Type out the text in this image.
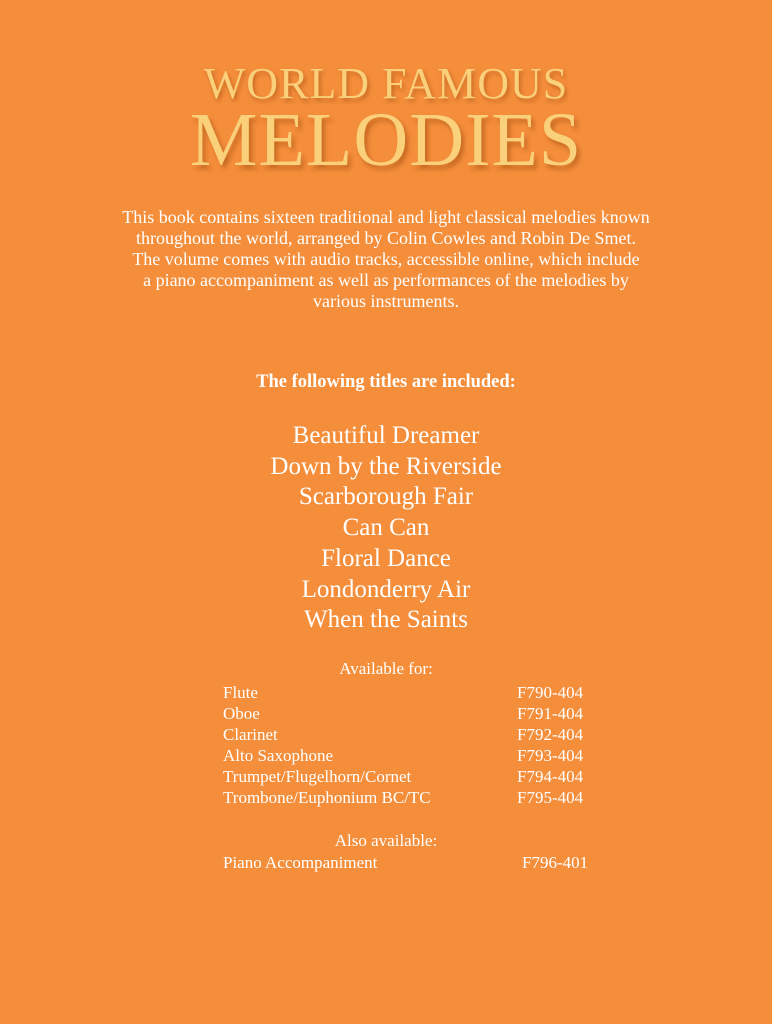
WORLD FAMOUS
MELODIES
This book contains sixteen traditional and light classical melodies known
throughout the world, arranged by Colin Cowles and Robin De Smet.
The volume comes with audio tracks, accessible online, which include
a piano accompaniment as well as performances of the melodies by
various instruments.
The following titles are included:
Beautiful Dreamer
Down by the Riverside
Scarborough Fair
Can Can
Floral Dance
Londonderry Air
When the Saints
Available for:
Flute	F790-404
Oboe	F791-404
Clarinet	F792-404
Alto Saxophone	F793-404
Trumpet/Flugelhorn/Cornet	F794-404
Trombone/Euphonium BC/TC	F795-404
Also available:
Piano Accompaniment	F796-401
